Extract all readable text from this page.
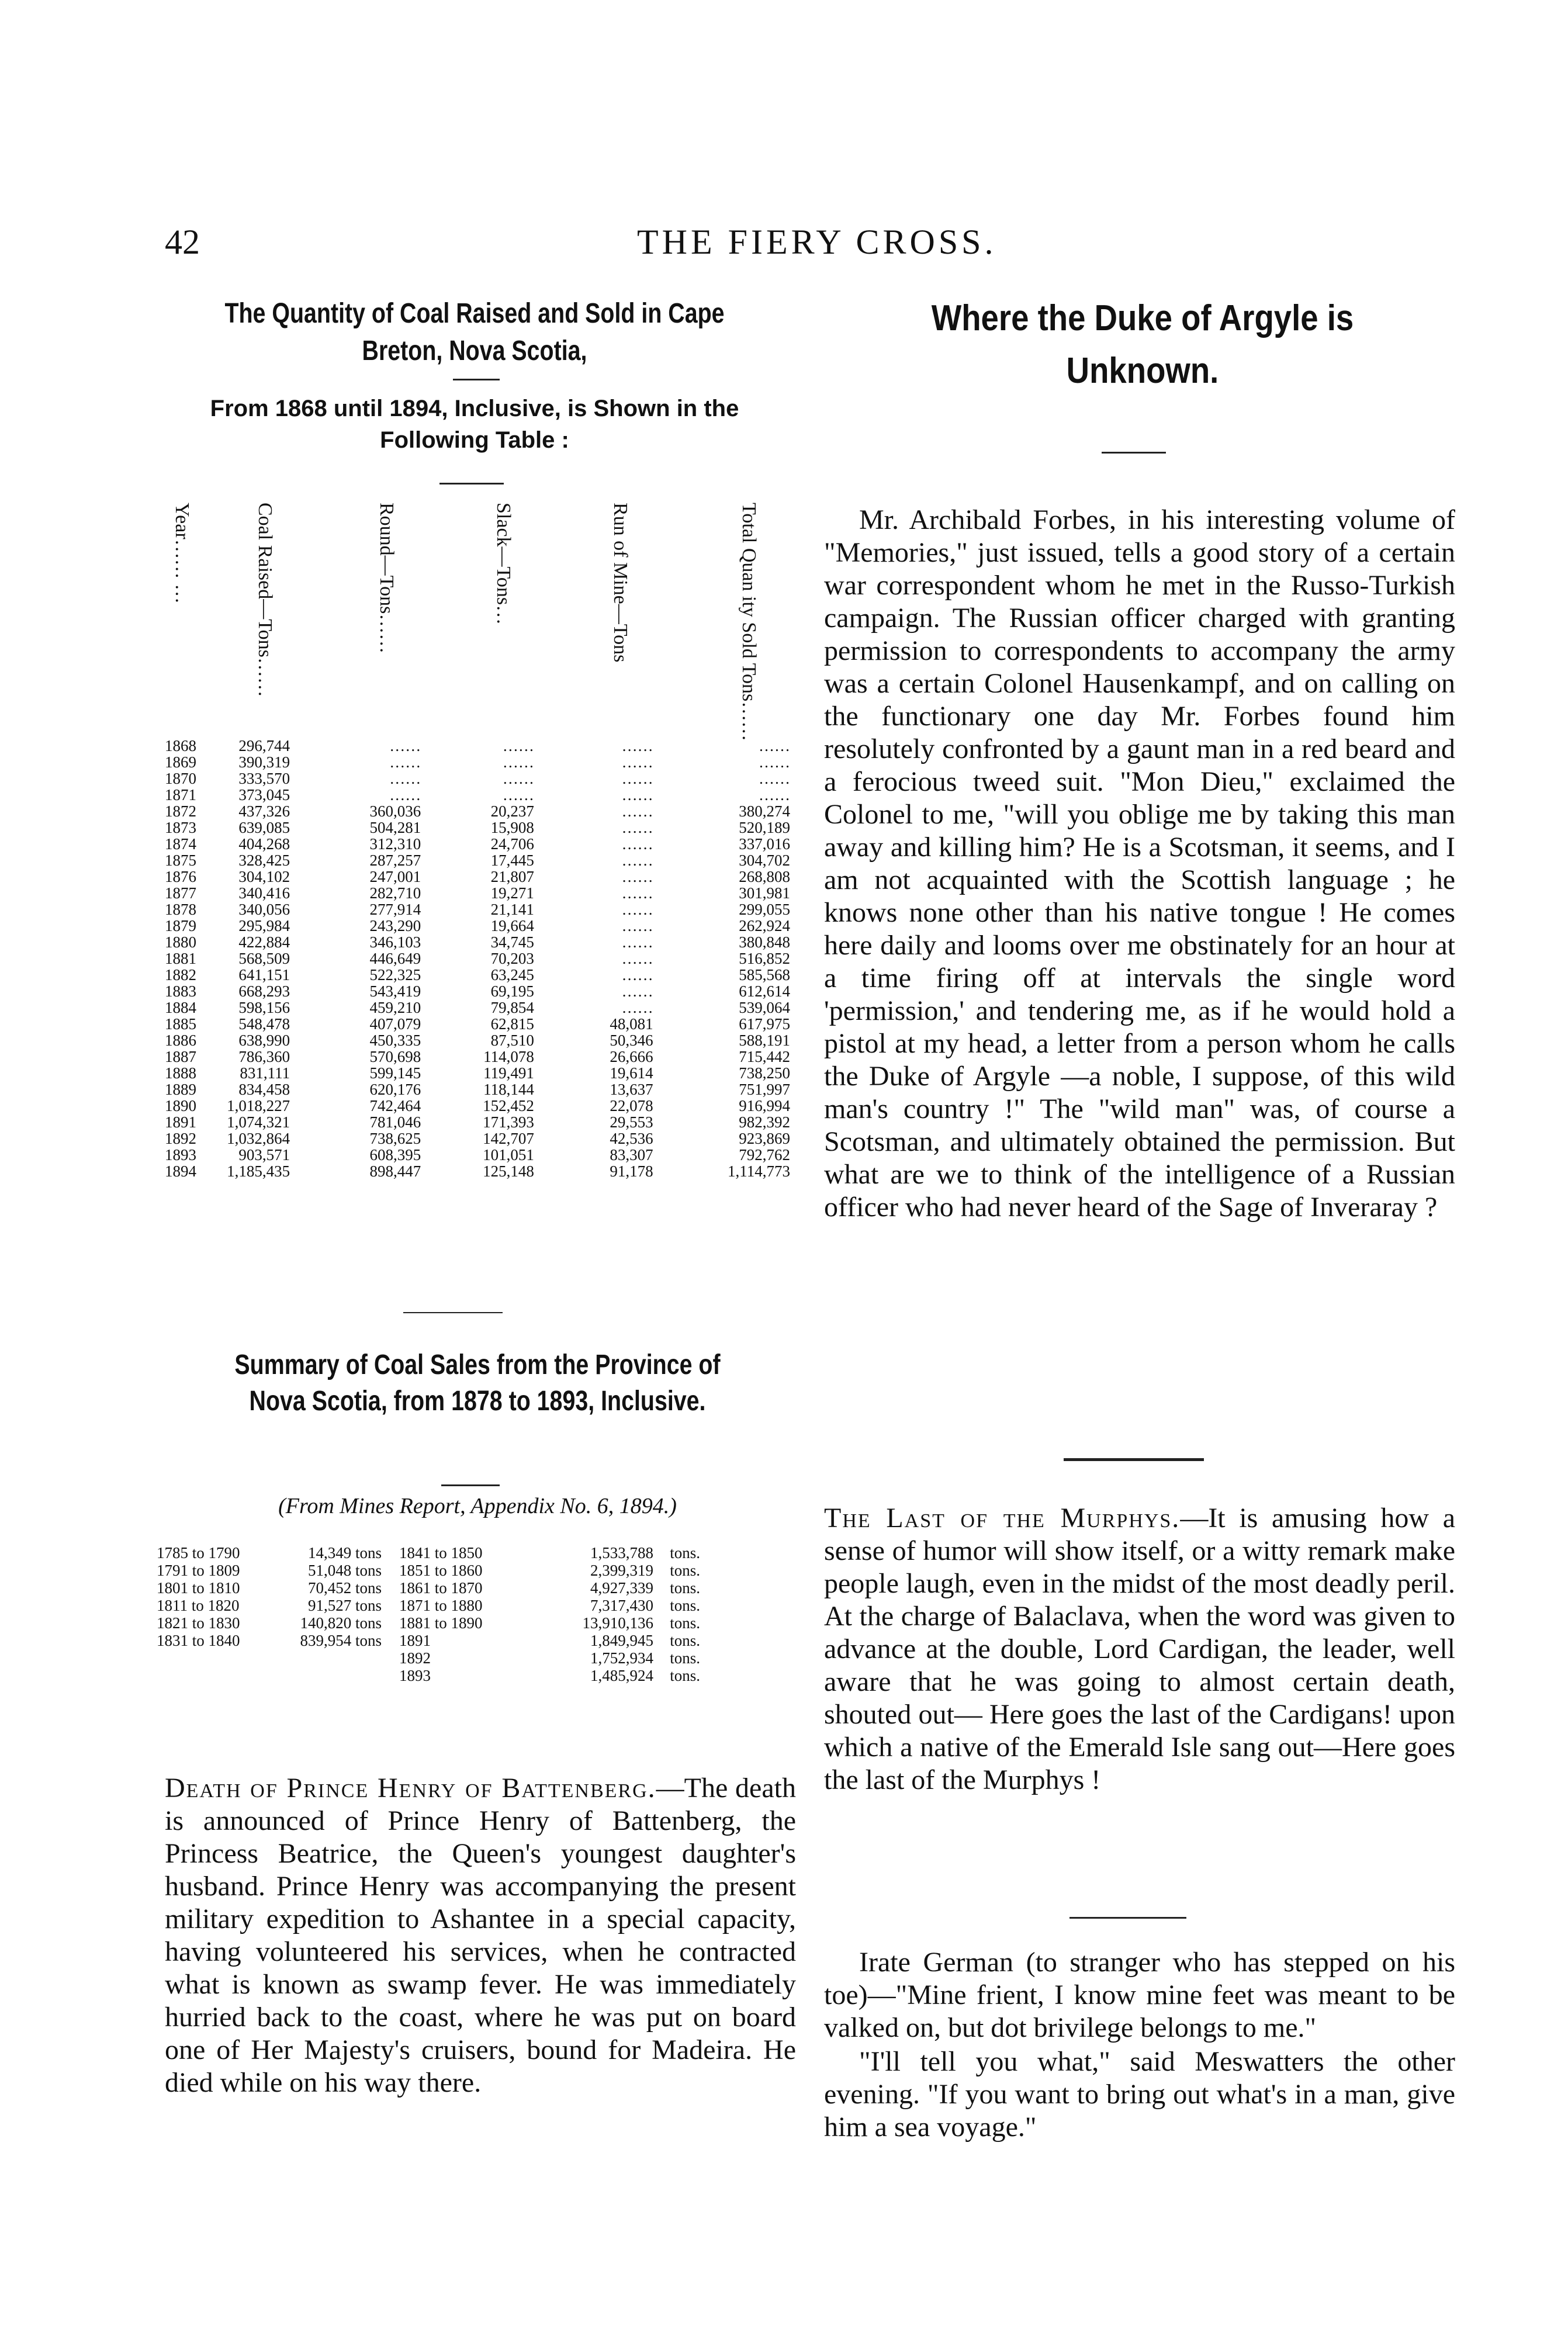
42	THE FIERY CROSS.
The Quantity of Coal Raised and Sold in Cape Breton, Nova Scotia,
From 1868 until 1894, Inclusive, is Shown in the Following Table :
Year…… …	Coal Raised—Tons……	Round—Tons……	Slack—Tons…	Run of Mine—Tons	Total Quan ity Sold Tons……
1868	296,744	……	……	……	……
1869	390,319	……	……	……	……
1870	333,570	……	……	……	……
1871	373,045	……	……	……	……
1872	437,326	360,036	20,237	……	380,274
1873	639,085	504,281	15,908	……	520,189
1874	404,268	312,310	24,706	……	337,016
1875	328,425	287,257	17,445	……	304,702
1876	304,102	247,001	21,807	……	268,808
1877	340,416	282,710	19,271	……	301,981
1878	340,056	277,914	21,141	……	299,055
1879	295,984	243,290	19,664	……	262,924
1880	422,884	346,103	34,745	……	380,848
1881	568,509	446,649	70,203	……	516,852
1882	641,151	522,325	63,245	……	585,568
1883	668,293	543,419	69,195	……	612,614
1884	598,156	459,210	79,854	……	539,064
1885	548,478	407,079	62,815	48,081	617,975
1886	638,990	450,335	87,510	50,346	588,191
1887	786,360	570,698	114,078	26,666	715,442
1888	831,111	599,145	119,491	19,614	738,250
1889	834,458	620,176	118,144	13,637	751,997
1890	1,018,227	742,464	152,452	22,078	916,994
1891	1,074,321	781,046	171,393	29,553	982,392
1892	1,032,864	738,625	142,707	42,536	923,869
1893	903,571	608,395	101,051	83,307	792,762
1894	1,185,435	898,447	125,148	91,178	1,114,773
Summary of Coal Sales from the Province of Nova Scotia, from 1878 to 1893, Inclusive.
(From Mines Report, Appendix No. 6, 1894.)
1785 to 1790	14,349 tons	1841 to 1850	1,533,788	tons.
1791 to 1809	51,048 tons	1851 to 1860	2,399,319	tons.
1801 to 1810	70,452 tons	1861 to 1870	4,927,339	tons.
1811 to 1820	91,527 tons	1871 to 1880	7,317,430	tons.
1821 to 1830	140,820 tons	1881 to 1890	13,910,136	tons.
1831 to 1840	839,954 tons	1891	1,849,945	tons.
		1892	1,752,934	tons.
		1893	1,485,924	tons.
Death of Prince Henry of Battenberg.—The death is announced of Prince Henry of Battenberg, the Princess Beatrice, the Queen's youngest daughter's husband. Prince Henry was accompanying the present military expedition to Ashantee in a special capacity, having volunteered his services, when he contracted what is known as swamp fever. He was immediately hurried back to the coast, where he was put on board one of Her Majesty's cruisers, bound for Madeira. He died while on his way there.
Where the Duke of Argyle is Unknown.
Mr. Archibald Forbes, in his interesting volume of "Memories," just issued, tells a good story of a certain war correspondent whom he met in the Russo-Turkish campaign. The Russian officer charged with granting permission to correspondents to accompany the army was a certain Colonel Hausenkampf, and on calling on the functionary one day Mr. Forbes found him resolutely confronted by a gaunt man in a red beard and a ferocious tweed suit. "Mon Dieu," exclaimed the Colonel to me, "will you oblige me by taking this man away and killing him? He is a Scotsman, it seems, and I am not acquainted with the Scottish language ; he knows none other than his native tongue ! He comes here daily and looms over me obstinately for an hour at a time firing off at intervals the single word 'permission,' and tendering me, as if he would hold a pistol at my head, a letter from a person whom he calls the Duke of Argyle —a noble, I suppose, of this wild man's country !" The "wild man" was, of course a Scotsman, and ultimately obtained the permission. But what are we to think of the intelligence of a Russian officer who had never heard of the Sage of Inveraray ?
The Last of the Murphys.—It is amusing how a sense of humor will show itself, or a witty remark make people laugh, even in the midst of the most deadly peril. At the charge of Balaclava, when the word was given to advance at the double, Lord Cardigan, the leader, well aware that he was going to almost certain death, shouted out— Here goes the last of the Cardigans! upon which a native of the Emerald Isle sang out—Here goes the last of the Murphys !
Irate German (to stranger who has stepped on his toe)—"Mine frient, I know mine feet was meant to be valked on, but dot brivilege belongs to me."
"I'll tell you what," said Meswatters the other evening. "If you want to bring out what's in a man, give him a sea voyage."
